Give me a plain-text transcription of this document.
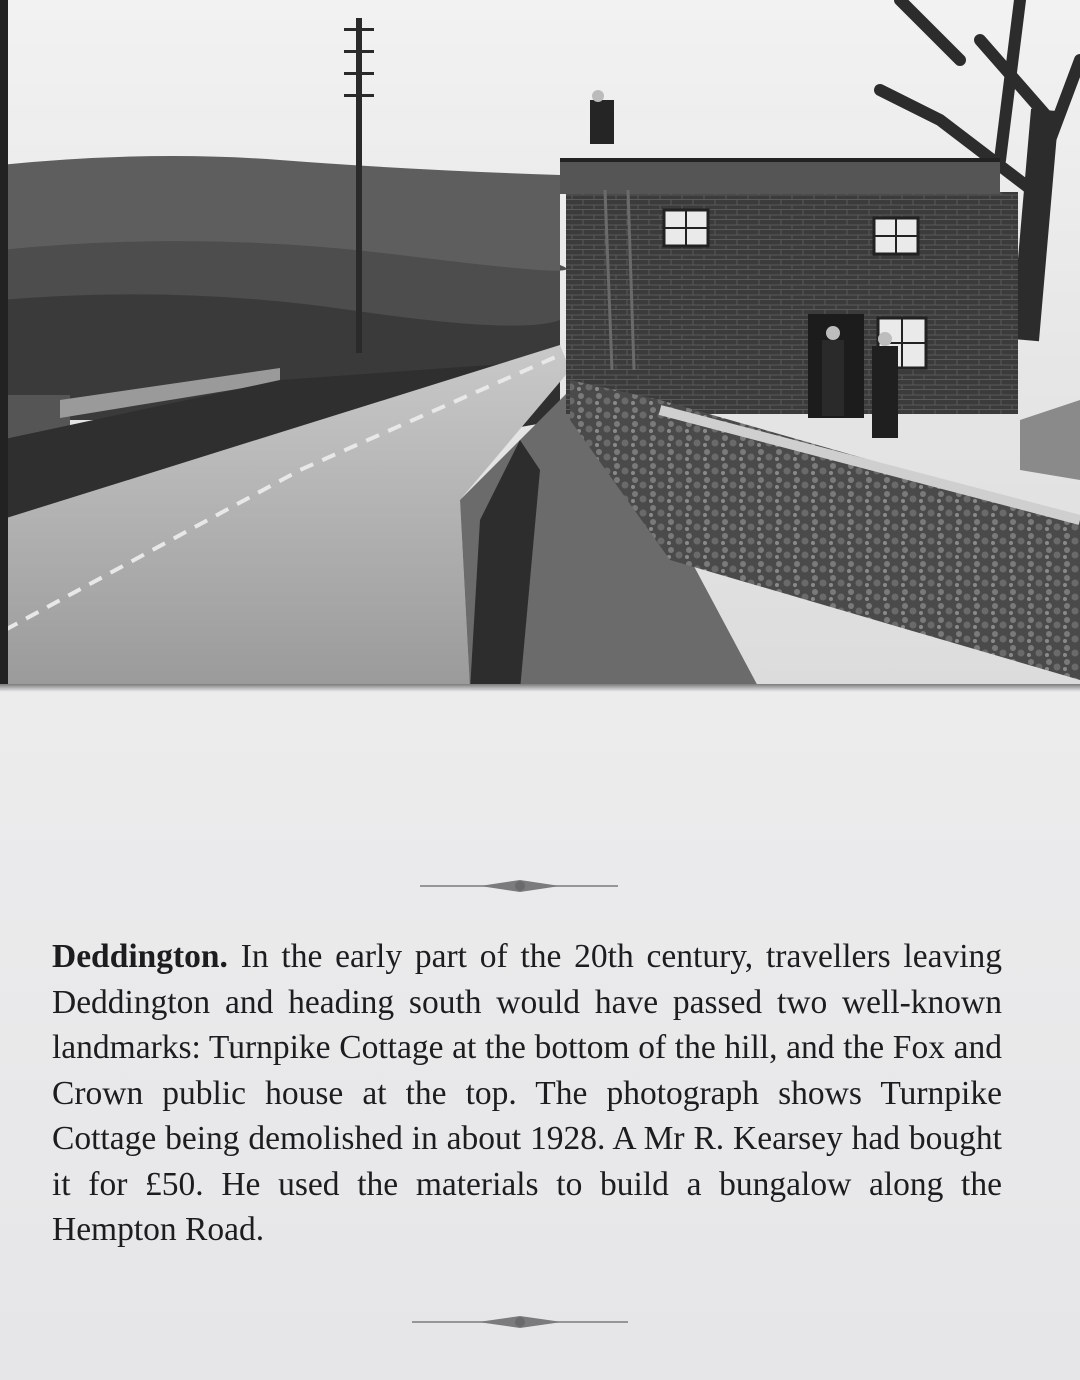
Deddington. In the early part of the 20th century, travellers leaving Deddington and heading south would have passed two well-known landmarks: Turnpike Cottage at the bottom of the hill, and the Fox and Crown public house at the top. The photograph shows Turnpike Cottage being demolished in about 1928. A Mr R. Kearsey had bought it for £50. He used the materials to build a bungalow along the Hempton Road.
